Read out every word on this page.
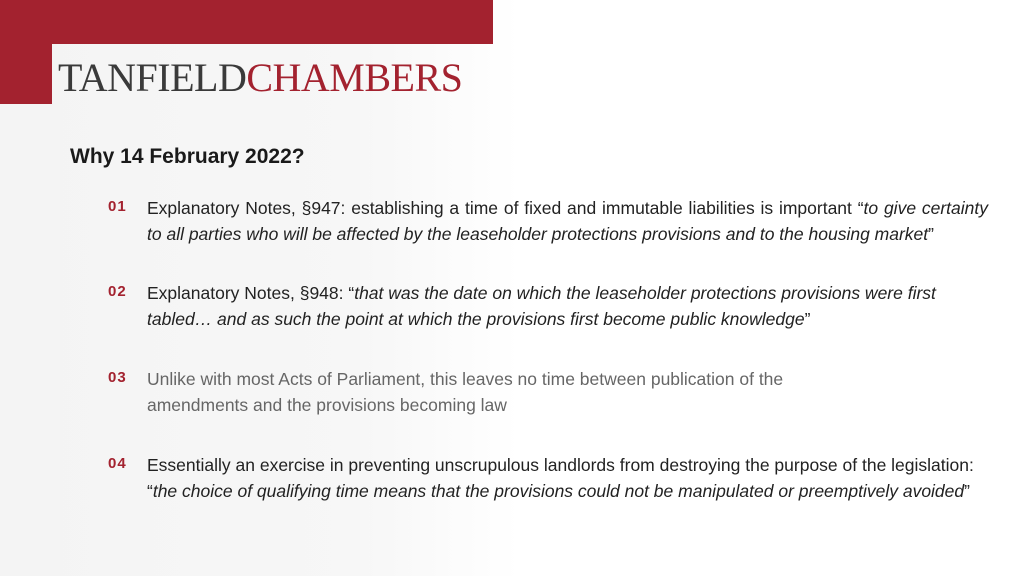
TANFIELDCHAMBERS
Why 14 February 2022?
01 Explanatory Notes, §947: establishing a time of fixed and immutable liabilities is important “to give certainty to all parties who will be affected by the leaseholder protections provisions and to the housing market”
02 Explanatory Notes, §948: “that was the date on which the leaseholder protections provisions were first tabled… and as such the point at which the provisions first become public knowledge”
03 Unlike with most Acts of Parliament, this leaves no time between publication of the amendments and the provisions becoming law
04 Essentially an exercise in preventing unscrupulous landlords from destroying the purpose of the legislation: “the choice of qualifying time means that the provisions could not be manipulated or preemptively avoided”
